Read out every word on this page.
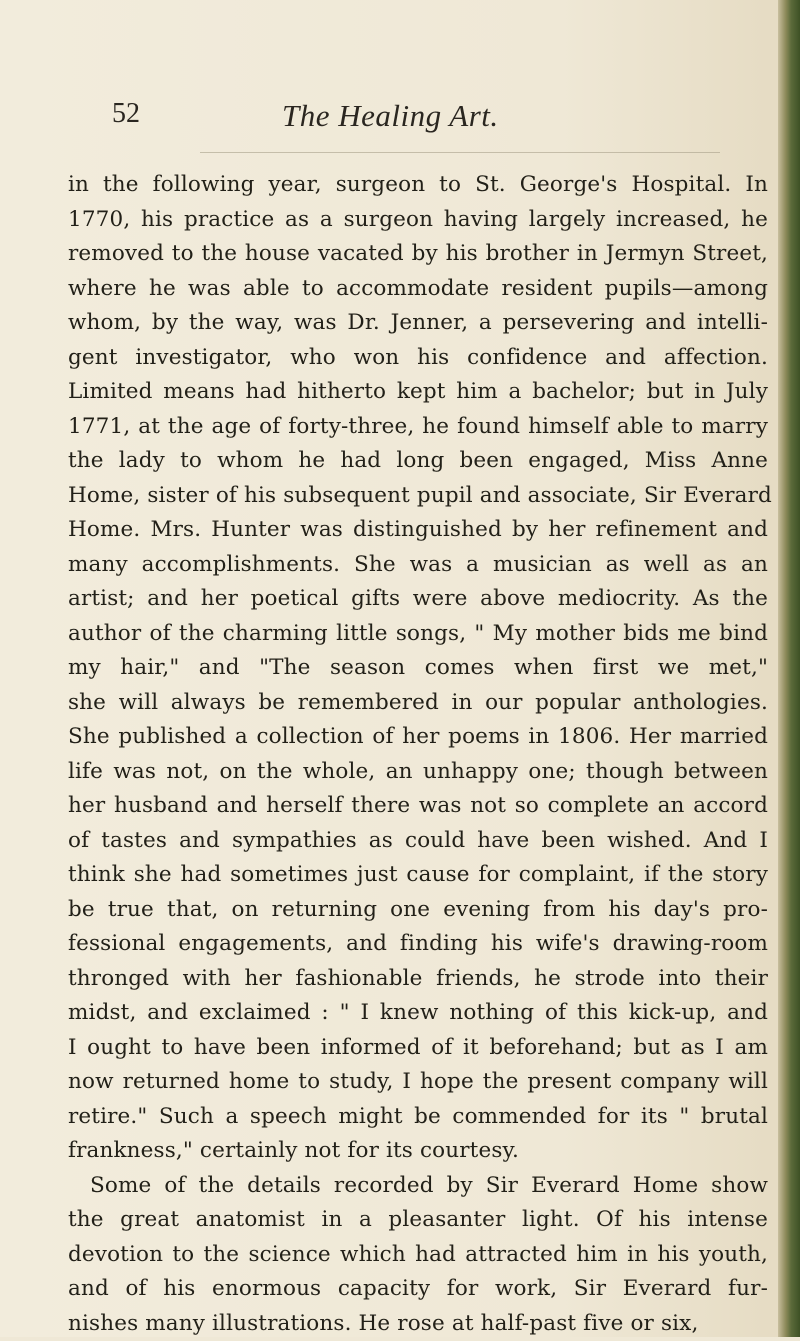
52	The Healing Art.
in the following year, surgeon to St. George's Hospital. In
1770, his practice as a surgeon having largely increased, he
removed to the house vacated by his brother in Jermyn Street,
where he was able to accommodate resident pupils—among
whom, by the way, was Dr. Jenner, a persevering and intelli-
gent investigator, who won his confidence and affection.
Limited means had hitherto kept him a bachelor; but in July
1771, at the age of forty-three, he found himself able to marry
the lady to whom he had long been engaged, Miss Anne
Home, sister of his subsequent pupil and associate, Sir Everard
Home. Mrs. Hunter was distinguished by her refinement and
many accomplishments. She was a musician as well as an
artist; and her poetical gifts were above mediocrity. As the
author of the charming little songs, " My mother bids me bind
my hair," and "The season comes when first we met,"
she will always be remembered in our popular anthologies.
She published a collection of her poems in 1806. Her married
life was not, on the whole, an unhappy one; though between
her husband and herself there was not so complete an accord
of tastes and sympathies as could have been wished. And I
think she had sometimes just cause for complaint, if the story
be true that, on returning one evening from his day's pro-
fessional engagements, and finding his wife's drawing-room
thronged with her fashionable friends, he strode into their
midst, and exclaimed : " I knew nothing of this kick-up, and
I ought to have been informed of it beforehand; but as I am
now returned home to study, I hope the present company will
retire." Such a speech might be commended for its " brutal
frankness," certainly not for its courtesy.
Some of the details recorded by Sir Everard Home show
the great anatomist in a pleasanter light. Of his intense
devotion to the science which had attracted him in his youth,
and of his enormous capacity for work, Sir Everard fur-
nishes many illustrations. He rose at half-past five or six,
